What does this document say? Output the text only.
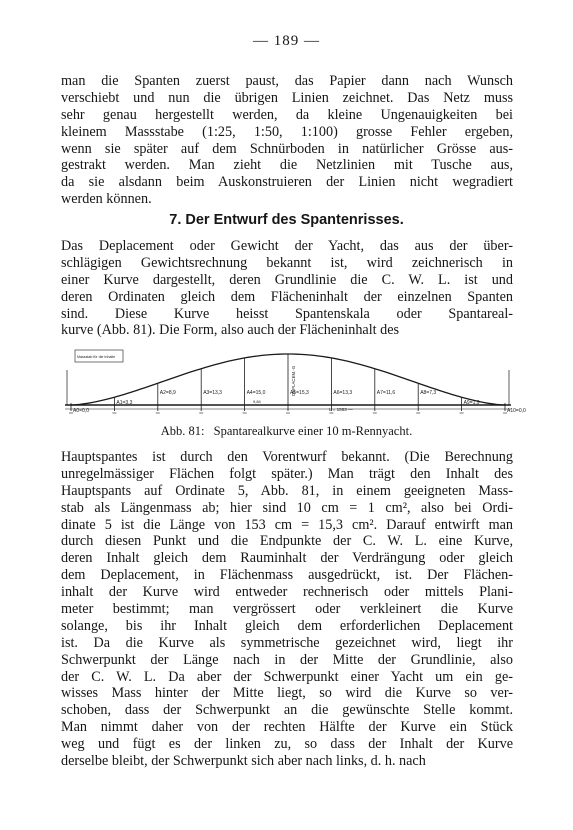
— 189 —
man die Spanten zuerst paust, das Papier dann nach Wunsch
verschiebt und nun die übrigen Linien zeichnet. Das Netz muss
sehr genau hergestellt werden, da kleine Ungenauigkeiten bei
kleinem Massstabe (1:25, 1:50, 1:100) grosse Fehler ergeben,
wenn sie später auf dem Schnürboden in natürlicher Grösse aus-
gestrakt werden. Man zieht die Netzlinien mit Tusche aus,
da sie alsdann beim Auskonstruieren der Linien nicht wegradiert
werden können.
7. Der Entwurf des Spantenrisses.
Das Deplacement oder Gewicht der Yacht, das aus der über-
schlägigen Gewichtsrechnung bekannt ist, wird zeichnerisch in
einer Kurve dargestellt, deren Grundlinie die C. W. L. ist und
deren Ordinaten gleich dem Flächeninhalt der einzelnen Spanten
sind. Diese Kurve heisst Spantenskala oder Spantareal-
kurve (Abb. 81). Die Form, also auch der Flächeninhalt des
A0=0,0
A1=3,3
A2=8,9	A3=13,3	A4=15,0	A5=15,3	A6=13,3	A7=11,6	A8=7,3
A9=1,9
A10=0,0
Massstab für die Inhalte
DEPLACEM.-G
L = 1553 —
9,84
Abb. 81: Spantarealkurve einer 10 m-Rennyacht.
Hauptspantes ist durch den Vorentwurf bekannt. (Die Berechnung
unregelmässiger Flächen folgt später.) Man trägt den Inhalt des
Hauptspants auf Ordinate 5, Abb. 81, in einem geeigneten Mass-
stab als Längenmass ab; hier sind 10 cm = 1 cm², also bei Ordi-
dinate 5 ist die Länge von 153 cm = 15,3 cm². Darauf entwirft man
durch diesen Punkt und die Endpunkte der C. W. L. eine Kurve,
deren Inhalt gleich dem Rauminhalt der Verdrängung oder gleich
dem Deplacement, in Flächenmass ausgedrückt, ist. Der Flächen-
inhalt der Kurve wird entweder rechnerisch oder mittels Plani-
meter bestimmt; man vergrössert oder verkleinert die Kurve
solange, bis ihr Inhalt gleich dem erforderlichen Deplacement
ist. Da die Kurve als symmetrische gezeichnet wird, liegt ihr
Schwerpunkt der Länge nach in der Mitte der Grundlinie, also
der C. W. L. Da aber der Schwerpunkt einer Yacht um ein ge-
wisses Mass hinter der Mitte liegt, so wird die Kurve so ver-
schoben, dass der Schwerpunkt an die gewünschte Stelle kommt.
Man nimmt daher von der rechten Hälfte der Kurve ein Stück
weg und fügt es der linken zu, so dass der Inhalt der Kurve
derselbe bleibt, der Schwerpunkt sich aber nach links, d. h. nach
